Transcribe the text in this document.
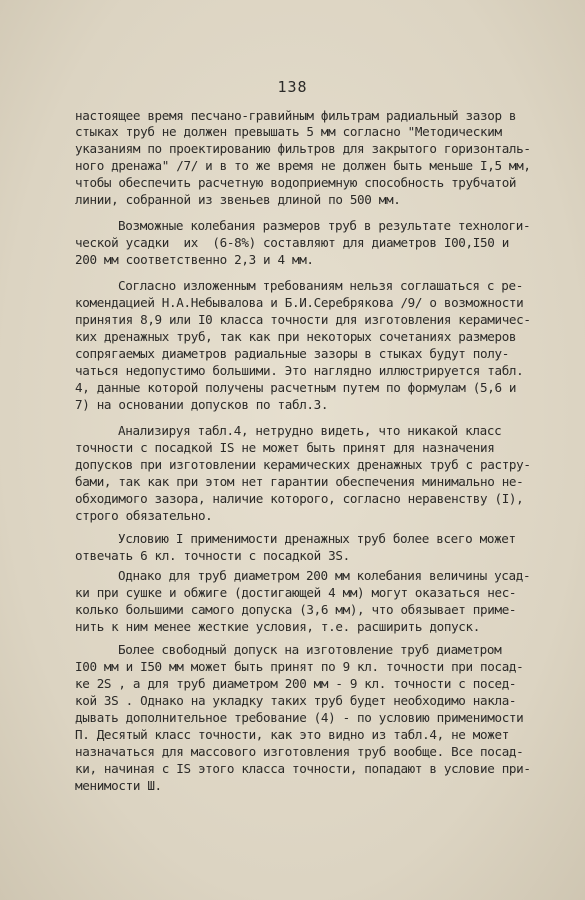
138
настоящее время песчано-гравийным фильтрам радиальный зазор в
стыках труб не должен превышать 5 мм согласно "Методическим
указаниям по проектированию фильтров для закрытого горизонталь-
ного дренажа" /7/ и в то же время не должен быть меньше I,5 мм,
чтобы обеспечить расчетную водоприемную способность трубчатой
линии, собранной из звеньев длиной по 500 мм.
Возможные колебания размеров труб в результате технологи-
ческой усадки  их  (6-8%) составляют для диаметров I00,I50 и
200 мм соответственно 2,3 и 4 мм.
Согласно изложенным требованиям нельзя соглашаться с ре-
комендацией Н.А.Небывалова и Б.И.Серебрякова /9/ о возможности
принятия 8,9 или I0 класса точности для изготовления керамичес-
ких дренажных труб, так как при некоторых сочетаниях размеров
сопрягаемых диаметров радиальные зазоры в стыках будут полу-
чаться недопустимо большими. Это наглядно иллюстрируется табл.
4, данные которой получены расчетным путем по формулам (5,6 и
7) на основании допусков по табл.3.
Анализируя табл.4, нетрудно видеть, что никакой класс
точности с посадкой IS не может быть принят для назначения
допусков при изготовлении керамических дренажных труб с растру-
бами, так как при этом нет гарантии обеспечения минимально не-
обходимого зазора, наличие которого, согласно неравенству (I),
строго обязательно.
Условию I применимости дренажных труб более всего может
отвечать 6 кл. точности с посадкой 3S.
Однако для труб диаметром 200 мм колебания величины усад-
ки при сушке и обжиге (достигающей 4 мм) могут оказаться нес-
колько большими самого допуска (3,6 мм), что обязывает приме-
нить к ним менее жесткие условия, т.е. расширить допуск.
Более свободный допуск на изготовление труб диаметром
I00 мм и I50 мм может быть принят по 9 кл. точности при посад-
ке 2S , а для труб диаметром 200 мм - 9 кл. точности с посед-
кой 3S . Однако на укладку таких труб будет необходимо накла-
дывать дополнительное требование (4) - по условию применимости
П. Десятый класс точности, как это видно из табл.4, не может
назначаться для массового изготовления труб вообще. Все посад-
ки, начиная с IS этого класса точности, попадают в условие при-
менимости Ш.
